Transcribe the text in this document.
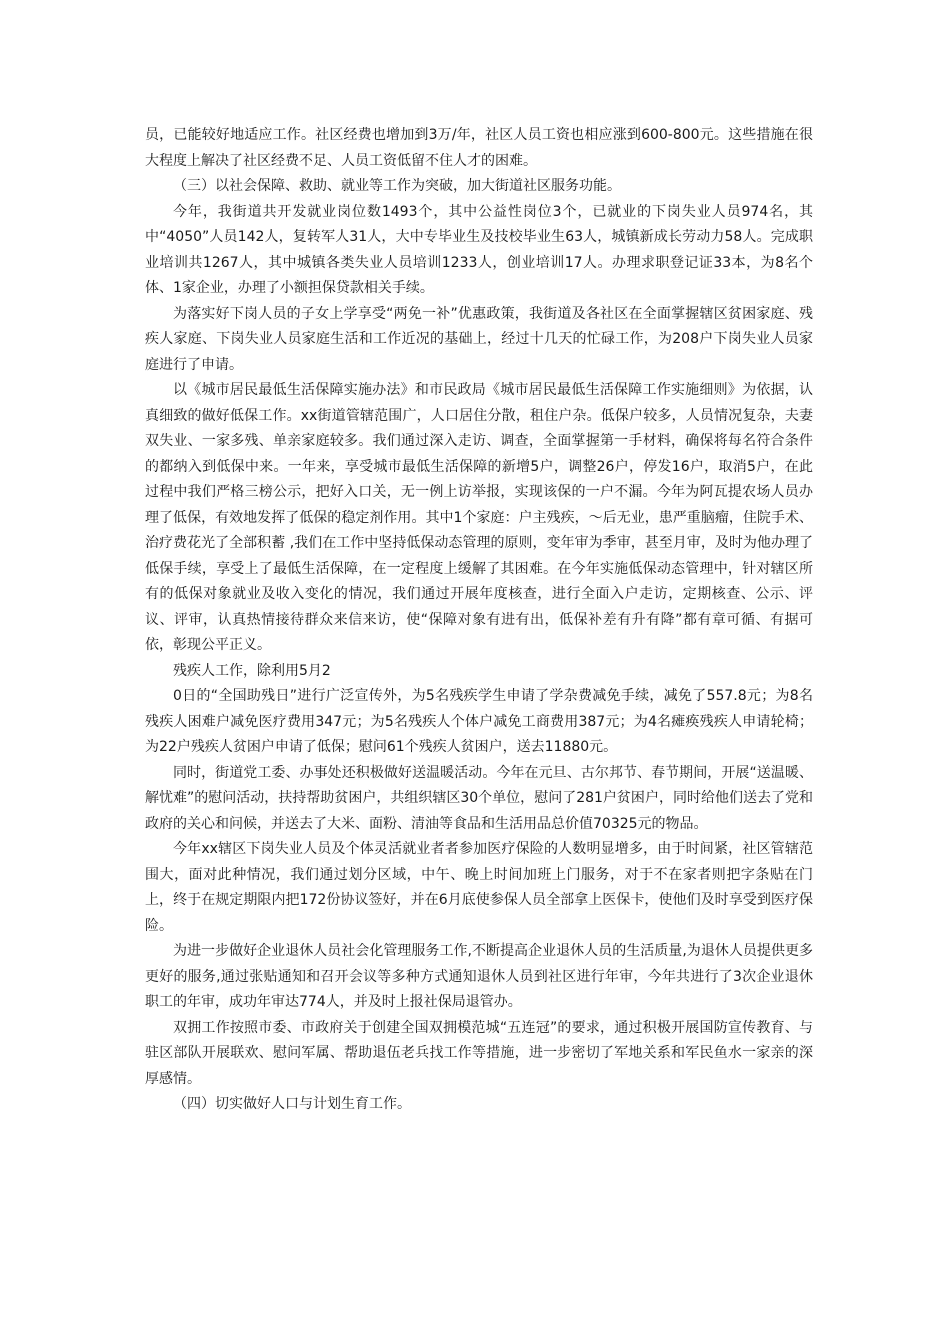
员，已能较好地适应工作。社区经费也增加到3万/年，社区人员工资也相应涨到600-800元。这些措施在很大程度上解决了社区经费不足、人员工资低留不住人才的困难。

（三）以社会保障、救助、就业等工作为突破，加大街道社区服务功能。

今年，我街道共开发就业岗位数1493个，其中公益性岗位3个，已就业的下岗失业人员974名，其中“4050”人员142人，复转军人31人，大中专毕业生及技校毕业生63人，城镇新成长劳动力58人。完成职业培训共1267人，其中城镇各类失业人员培训1233人，创业培训17人。办理求职登记证33本，为8名个体、1家企业，办理了小额担保贷款相关手续。

为落实好下岗人员的子女上学享受“两免一补”优惠政策，我街道及各社区在全面掌握辖区贫困家庭、残疾人家庭、下岗失业人员家庭生活和工作近况的基础上，经过十几天的忙碌工作，为208户下岗失业人员家庭进行了申请。

以《城市居民最低生活保障实施办法》和市民政局《城市居民最低生活保障工作实施细则》为依据，认真细致的做好低保工作。xx街道管辖范围广，人口居住分散，租住户杂。低保户较多，人员情况复杂，夫妻双失业、一家多残、单亲家庭较多。我们通过深入走访、调查，全面掌握第一手材料，确保将每名符合条件的都纳入到低保中来。一年来，享受城市最低生活保障的新增5户，调整26户，停发16户，取消5户，在此过程中我们严格三榜公示，把好入口关，无一例上访举报，实现该保的一户不漏。今年为阿瓦提农场人员办理了低保，有效地发挥了低保的稳定剂作用。其中1个家庭：户主残疾，～后无业，患严重脑瘤，住院手术、治疗费花光了全部积蓄 ,我们在工作中坚持低保动态管理的原则，变年审为季审，甚至月审，及时为他办理了低保手续，享受上了最低生活保障，在一定程度上缓解了其困难。在今年实施低保动态管理中，针对辖区所有的低保对象就业及收入变化的情况，我们通过开展年度核查，进行全面入户走访，定期核查、公示、评议、评审，认真热情接待群众来信来访，使“保障对象有进有出，低保补差有升有降”都有章可循、有据可依，彰现公平正义。

残疾人工作，除利用5月2

0日的“全国助残日”进行广泛宣传外，为5名残疾学生申请了学杂费减免手续，减免了557.8元；为8名残疾人困难户减免医疗费用347元；为5名残疾人个体户减免工商费用387元；为4名瘫痪残疾人申请轮椅；为22户残疾人贫困户申请了低保；慰问61个残疾人贫困户，送去11880元。

同时，街道党工委、办事处还积极做好送温暖活动。今年在元旦、古尔邦节、春节期间，开展“送温暖、解忧难”的慰问活动，扶持帮助贫困户，共组织辖区30个单位，慰问了281户贫困户，同时给他们送去了党和政府的关心和问候，并送去了大米、面粉、清油等食品和生活用品总价值70325元的物品。

今年xx辖区下岗失业人员及个体灵活就业者者参加医疗保险的人数明显增多，由于时间紧，社区管辖范围大，面对此种情况，我们通过划分区域，中午、晚上时间加班上门服务，对于不在家者则把字条贴在门上，终于在规定期限内把172份协议签好，并在6月底使参保人员全部拿上医保卡，使他们及时享受到医疗保险。

为进一步做好企业退休人员社会化管理服务工作,不断提高企业退休人员的生活质量,为退休人员提供更多更好的服务,通过张贴通知和召开会议等多种方式通知退休人员到社区进行年审，今年共进行了3次企业退休职工的年审，成功年审达774人，并及时上报社保局退管办。

双拥工作按照市委、市政府关于创建全国双拥模范城“五连冠”的要求，通过积极开展国防宣传教育、与驻区部队开展联欢、慰问军属、帮助退伍老兵找工作等措施，进一步密切了军地关系和军民鱼水一家亲的深厚感情。

（四）切实做好人口与计划生育工作。
